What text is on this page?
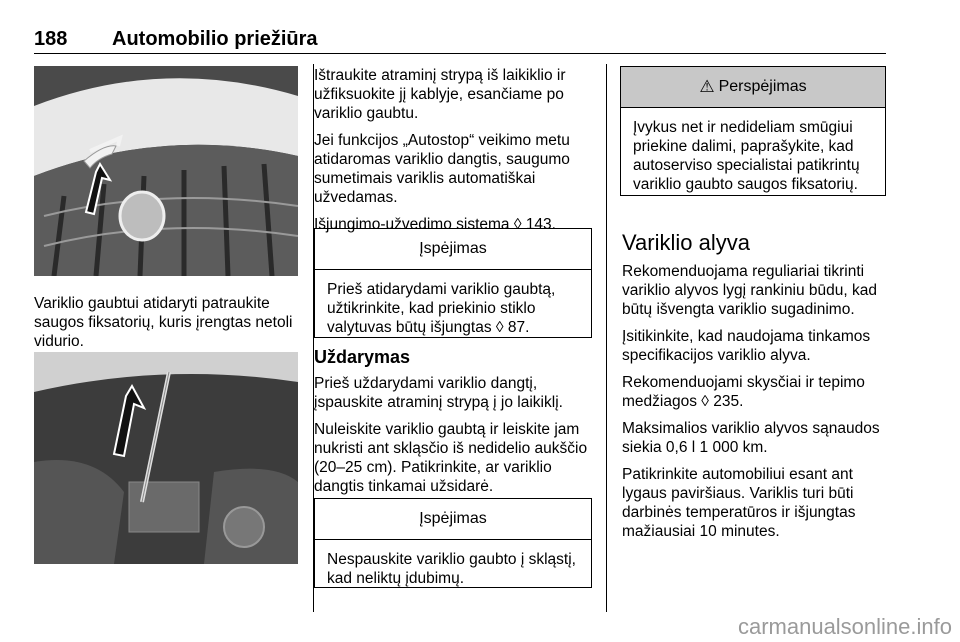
188 Automobilio priežiūra

Variklio gaubtui atidaryti patraukite saugos fiksatorių, kuris įrengtas netoli vidurio.

Ištraukite atraminį strypą iš laikiklio ir užfiksuokite jį kablyje, esančiame po variklio gaubtu.

Jei funkcijos „Autostop“ veikimo metu atidaromas variklio dangtis, saugumo sumetimais variklis automatiškai užvedamas.

Išjungimo-užvedimo sistema ◊ 143.

Įspėjimas
Prieš atidarydami variklio gaubtą, užtikrinkite, kad priekinio stiklo valytuvas būtų išjungtas ◊ 87.
Uždarymas

Prieš uždarydami variklio dangtį, įspauskite atraminį strypą į jo laikiklį.

Nuleiskite variklio gaubtą ir leiskite jam nukristi ant skląsčio iš nedidelio aukščio (20–25 cm). Patikrinkite, ar variklio dangtis tinkamai užsidarė.

Įspėjimas
Nespauskite variklio gaubto į skląstį, kad neliktų įdubimų.
⚠ Perspėjimas
Įvykus net ir nedideliam smūgiui priekine dalimi, paprašykite, kad autoserviso specialistai patikrintų variklio gaubto saugos fiksatorių.
Variklio alyva

Rekomenduojama reguliariai tikrinti variklio alyvos lygį rankiniu būdu, kad būtų išvengta variklio sugadinimo.

Įsitikinkite, kad naudojama tinkamos specifikacijos variklio alyva.

Rekomenduojami skysčiai ir tepimo medžiagos ◊ 235.

Maksimalios variklio alyvos sąnaudos siekia 0,6 l 1 000 km.

Patikrinkite automobiliui esant ant lygaus paviršiaus. Variklis turi būti darbinės temperatūros ir išjungtas mažiausiai 10 minutes.

carmanualsonline.info
